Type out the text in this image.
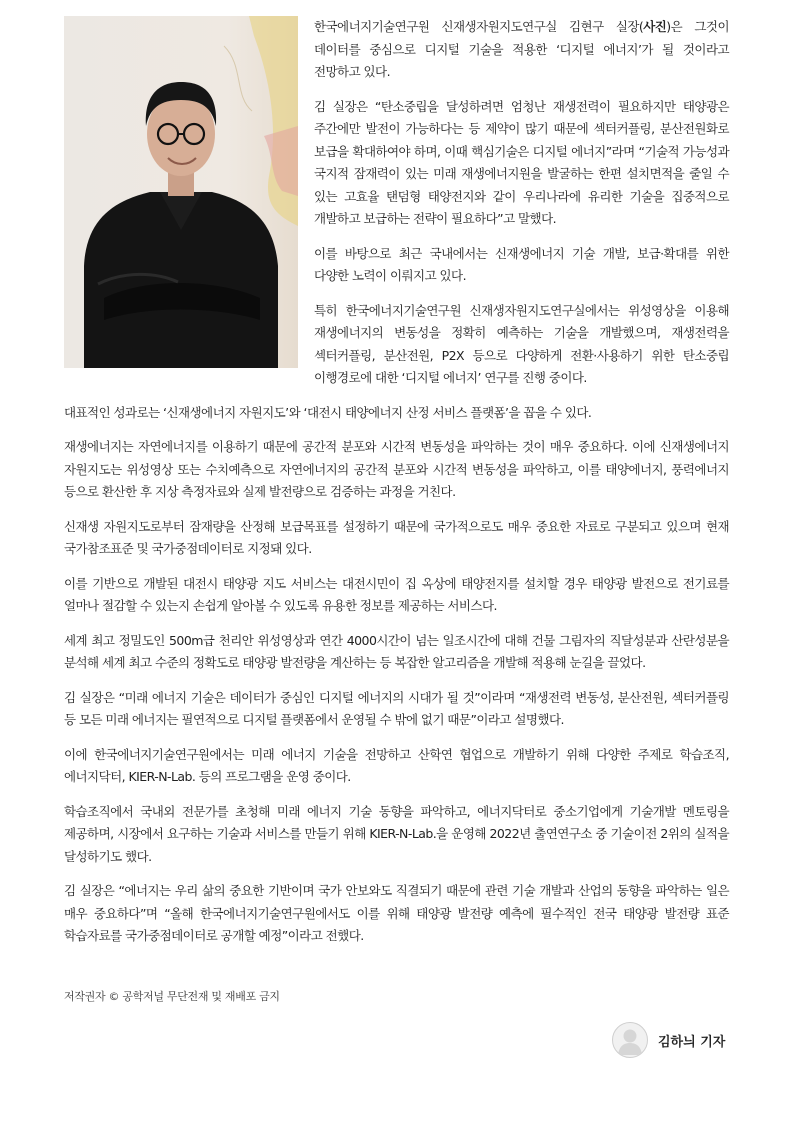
한국에너지기술연구원 신재생자원지도연구실 김현구 실장(사진)은 그것이 데이터를 중심으로 디지털 기술을 적용한 ‘디지털 에너지’가 될 것이라고 전망하고 있다.

김 실장은 “탄소중립을 달성하려면 엄청난 재생전력이 필요하지만 태양광은 주간에만 발전이 가능하다는 등 제약이 많기 때문에 섹터커플링, 분산전원화로 보급을 확대하여야 하며, 이때 핵심기술은 디지털 에너지”라며 “기술적 가능성과 국지적 잠재력이 있는 미래 재생에너지원을 발굴하는 한편 설치면적을 줄일 수 있는 고효율 탠덤형 태양전지와 같이 우리나라에 유리한 기술을 집중적으로 개발하고 보급하는 전략이 필요하다”고 말했다.

이를 바탕으로 최근 국내에서는 신재생에너지 기술 개발, 보급·확대를 위한 다양한 노력이 이뤄지고 있다.

특히 한국에너지기술연구원 신재생자원지도연구실에서는 위성영상을 이용해 재생에너지의 변동성을 정확히 예측하는 기술을 개발했으며, 재생전력을 섹터커플링, 분산전원, P2X 등으로 다양하게 전환·사용하기 위한 탄소중립 이행경로에 대한 ‘디지털 에너지’ 연구를 진행 중이다.

대표적인 성과로는 ‘신재생에너지 자원지도’와 ‘대전시 태양에너지 산정 서비스 플랫폼’을 꼽을 수 있다.

재생에너지는 자연에너지를 이용하기 때문에 공간적 분포와 시간적 변동성을 파악하는 것이 매우 중요하다. 이에 신재생에너지 자원지도는 위성영상 또는 수치예측으로 자연에너지의 공간적 분포와 시간적 변동성을 파악하고, 이를 태양에너지, 풍력에너지 등으로 환산한 후 지상 측정자료와 실제 발전량으로 검증하는 과정을 거친다.

신재생 자원지도로부터 잠재량을 산정해 보급목표를 설정하기 때문에 국가적으로도 매우 중요한 자료로 구분되고 있으며 현재 국가참조표준 및 국가중점데이터로 지정돼 있다.

이를 기반으로 개발된 대전시 태양광 지도 서비스는 대전시민이 집 옥상에 태양전지를 설치할 경우 태양광 발전으로 전기료를 얼마나 절감할 수 있는지 손쉽게 알아볼 수 있도록 유용한 정보를 제공하는 서비스다.

세계 최고 정밀도인 500m급 천리안 위성영상과 연간 4000시간이 넘는 일조시간에 대해 건물 그림자의 직달성분과 산란성분을 분석해 세계 최고 수준의 정확도로 태양광 발전량을 계산하는 등 복잡한 알고리즘을 개발해 적용해 눈길을 끌었다.

김 실장은 “미래 에너지 기술은 데이터가 중심인 디지털 에너지의 시대가 될 것”이라며 “재생전력 변동성, 분산전원, 섹터커플링 등 모든 미래 에너지는 필연적으로 디지털 플랫폼에서 운영될 수 밖에 없기 때문”이라고 설명했다.

이에 한국에너지기술연구원에서는 미래 에너지 기술을 전망하고 산학연 협업으로 개발하기 위해 다양한 주제로 학습조직, 에너지닥터, KIER-N-Lab. 등의 프로그램을 운영 중이다.

학습조직에서 국내외 전문가를 초청해 미래 에너지 기술 동향을 파악하고, 에너지닥터로 중소기업에게 기술개발 멘토링을 제공하며, 시장에서 요구하는 기술과 서비스를 만들기 위해 KIER-N-Lab.을 운영해 2022년 출연연구소 중 기술이전 2위의 실적을 달성하기도 했다.

김 실장은 “에너지는 우리 삶의 중요한 기반이며 국가 안보와도 직결되기 때문에 관련 기술 개발과 산업의 동향을 파악하는 일은 매우 중요하다”며 “올해 한국에너지기술연구원에서도 이를 위해 태양광 발전량 예측에 필수적인 전국 태양광 발전량 표준 학습자료를 국가중점데이터로 공개할 예정”이라고 전했다.

저작권자 © 공학저널 무단전재 및 재배포 금지
김하늬 기자
